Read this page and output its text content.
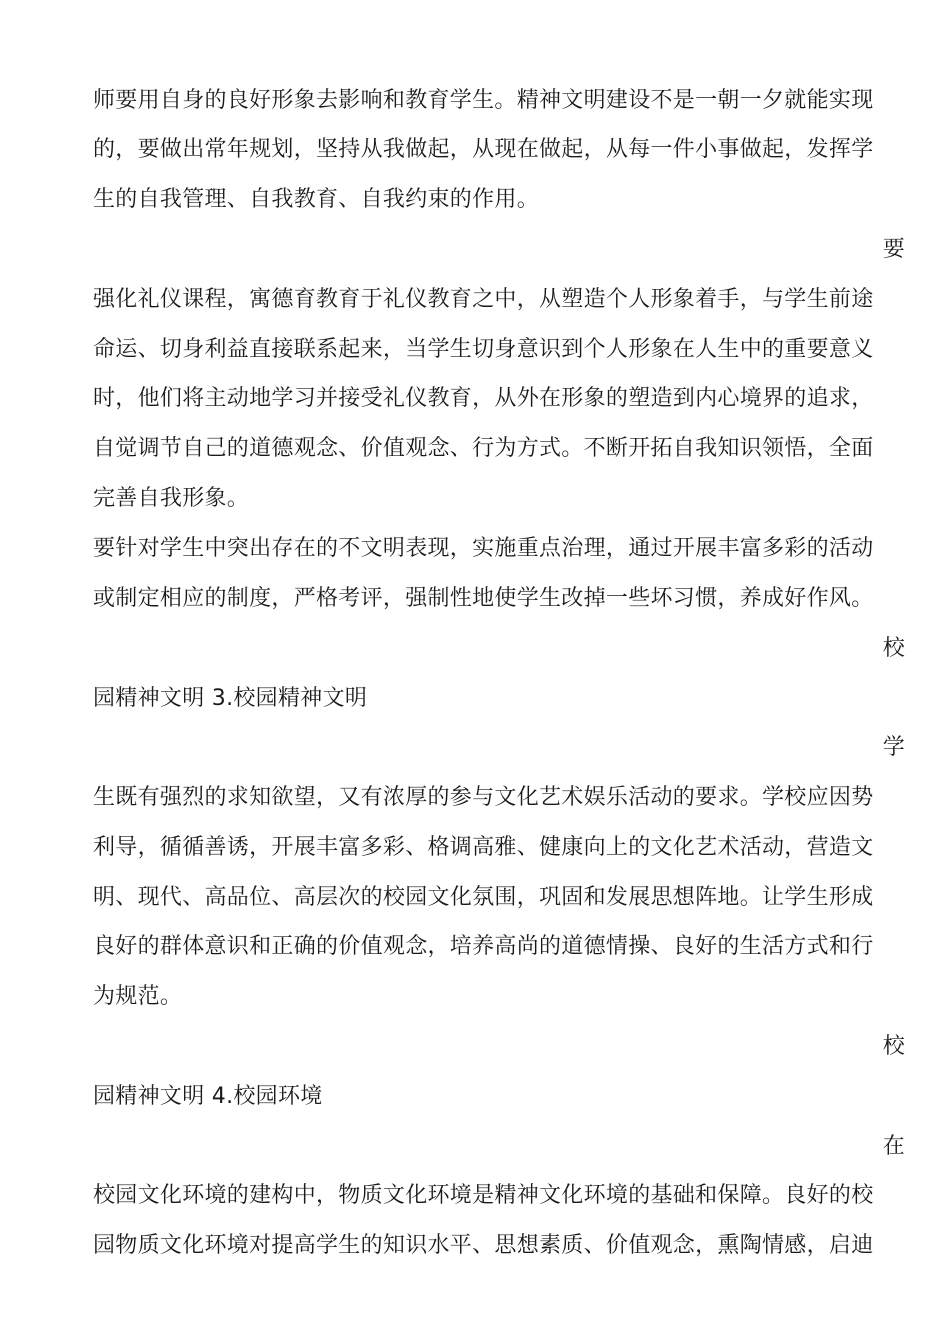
师要用自身的良好形象去影响和教育学生。精神文明建设不是一朝一夕就能实现
的，要做出常年规划，坚持从我做起，从现在做起，从每一件小事做起，发挥学
生的自我管理、自我教育、自我约束的作用。
要
强化礼仪课程，寓德育教育于礼仪教育之中，从塑造个人形象着手，与学生前途
命运、切身利益直接联系起来，当学生切身意识到个人形象在人生中的重要意义
时，他们将主动地学习并接受礼仪教育，从外在形象的塑造到内心境界的追求，
自觉调节自己的道德观念、价值观念、行为方式。不断开拓自我知识领悟，全面
完善自我形象。
要针对学生中突出存在的不文明表现，实施重点治理，通过开展丰富多彩的活动
或制定相应的制度，严格考评，强制性地使学生改掉一些坏习惯，养成好作风。
校
园精神文明 3.校园精神文明
学
生既有强烈的求知欲望，又有浓厚的参与文化艺术娱乐活动的要求。学校应因势
利导，循循善诱，开展丰富多彩、格调高雅、健康向上的文化艺术活动，营造文
明、现代、高品位、高层次的校园文化氛围，巩固和发展思想阵地。让学生形成
良好的群体意识和正确的价值观念，培养高尚的道德情操、良好的生活方式和行
为规范。
校
园精神文明 4.校园环境
在
校园文化环境的建构中，物质文化环境是精神文化环境的基础和保障。良好的校
园物质文化环境对提高学生的知识水平、思想素质、价值观念，熏陶情感，启迪
